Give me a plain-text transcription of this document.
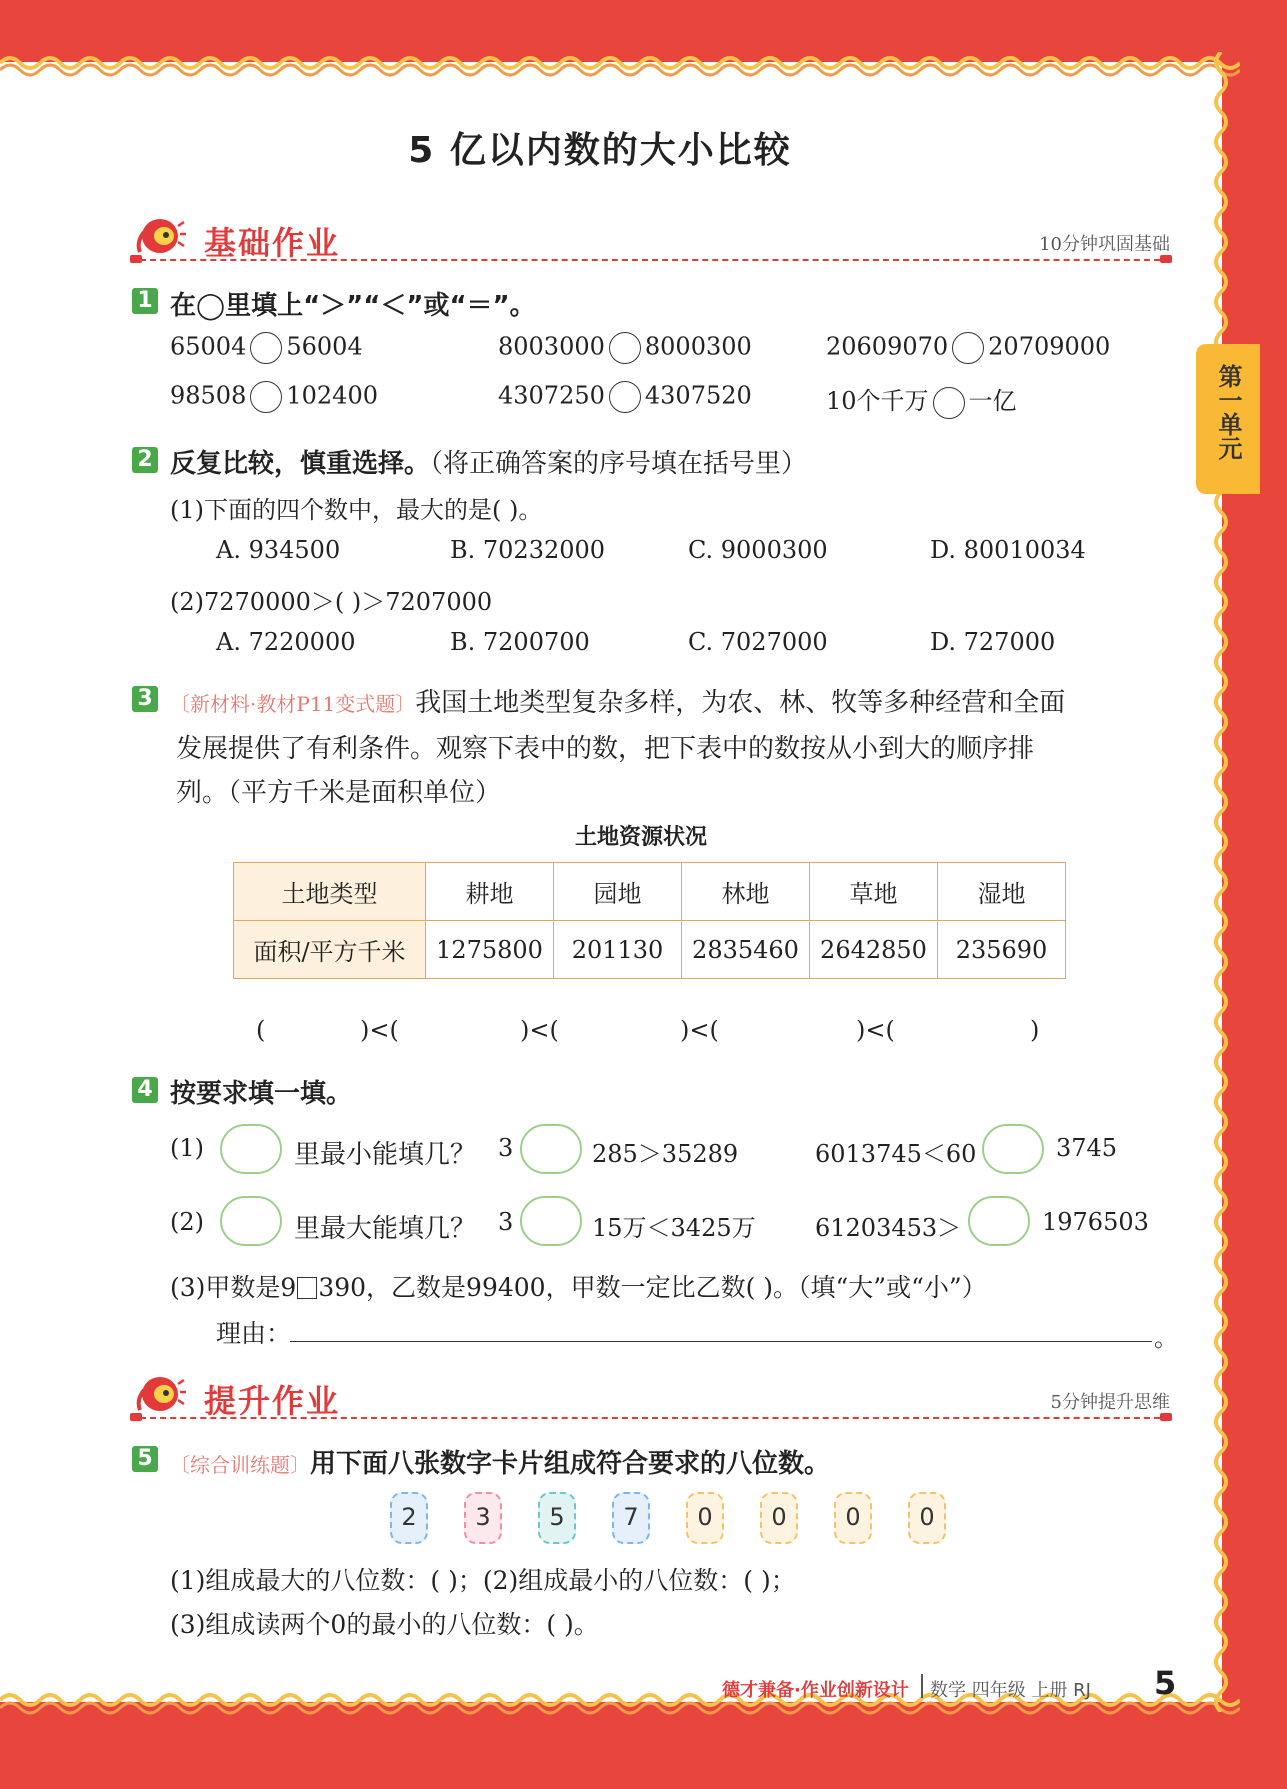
第一单元
5 亿以内数的大小比较
基础作业	10分钟巩固基础
1 在◯里填上“＞”“＜”或“＝”。
65004 56004	8003000 8000300	20609070 20709000
98508 102400	4307250 4307520	10个千万 一亿
2 反复比较，慎重选择。（将正确答案的序号填在括号里）
(1)下面的四个数中，最大的是( )。
A. 934500	B. 70232000	C. 9000300	D. 80010034
(2)7270000＞( )＞7207000
A. 7220000	B. 7200700	C. 7027000	D. 727000
3 〔新材料·教材P11变式题〕我国土地类型复杂多样，为农、林、牧等多种经营和全面
发展提供了有利条件。观察下表中的数，把下表中的数按从小到大的顺序排
列。（平方千米是面积单位）
土地资源状况
土地类型	耕地	园地	林地	草地	湿地
面积/平方千米	1275800	201130	2835460	2642850	235690
(	)<(	)<(	)<(	)<(	)
4 按要求填一填。
(1)	里最小能填几？ 3	285＞35289	6013745＜60	3745
(2)	里最大能填几？ 3	15万＜3425万 61203453＞	1976503
(3)甲数是9 390，乙数是99400，甲数一定比乙数( )。（填“大”或“小”）
理由：	。
提升作业	5分钟提升思维
5 〔综合训练题〕用下面八张数字卡片组成符合要求的八位数。
2	3	5	7	0	0	0	0
(1)组成最大的八位数：( )；(2)组成最小的八位数：( )；
(3)组成读两个0的最小的八位数：( )。
德才兼备·作业创新设计 数学 四年级 上册 RJ 5
